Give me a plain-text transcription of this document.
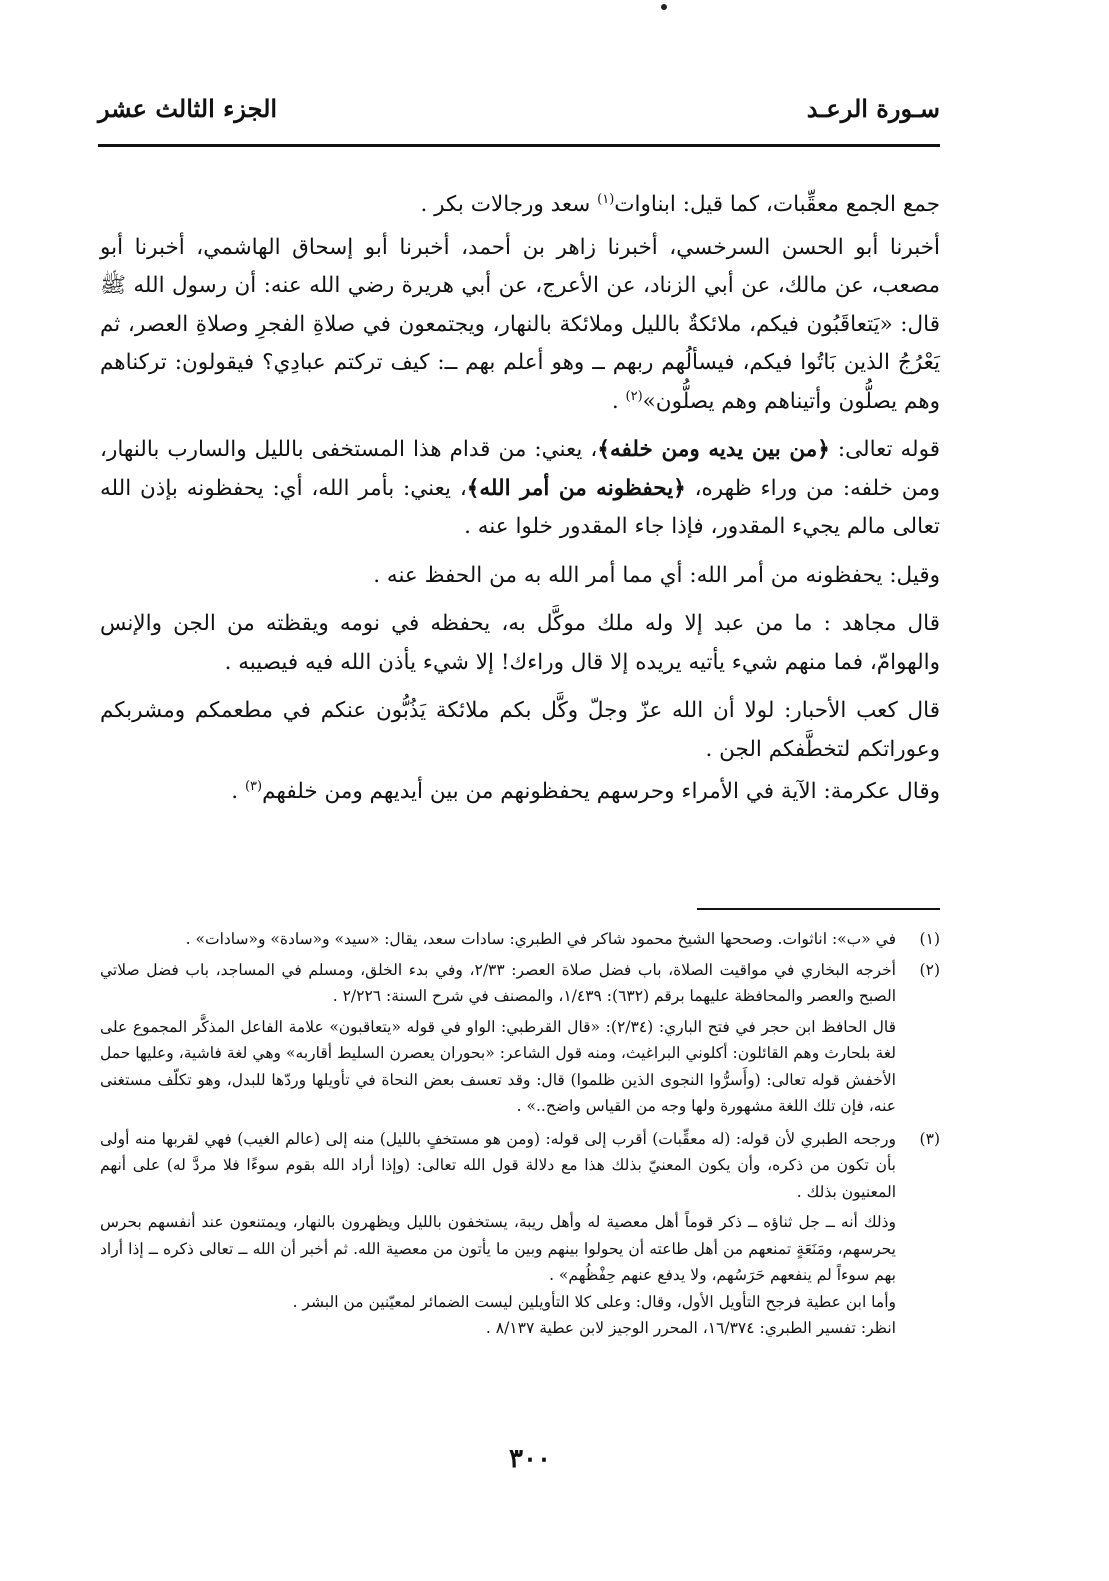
سـورة الرعـد
الجزء الثالث عشر

جمع الجمع معقِّبات، كما قيل: ابناوات$^{(١)}$ سعد ورجالات بكر .

أخبرنا أبو الحسن السرخسي، أخبرنا زاهر بن أحمد، أخبرنا أبو إسحاق الهاشمي، أخبرنا أبو مصعب، عن مالك، عن أبي الزناد، عن الأعرج، عن أبي هريرة رضي الله عنه: أن رسول الله ﷺ قال: «يَتعاقَبُون فيكم، ملائكةٌ بالليل وملائكة بالنهار، ويجتمعون في صلاةِ الفجرِ وصلاةِ العصر، ثم يَعْرُجُ الذين بَاتُوا فيكم، فيسألُهم ربهم ــ وهو أعلم بهم ــ: كيف تركتم عبادِي؟ فيقولون: تركناهم وهم يصلُّون وأتيناهم وهم يصلُّون»$^{(٢)}$ .

قوله تعالى: ﴿من بين يديه ومن خلفه﴾، يعني: من قدام هذا المستخفى بالليل والسارب بالنهار، ومن خلفه: من وراء ظهره، ﴿يحفظونه من أمر الله﴾، يعني: بأمر الله، أي: يحفظونه بإذن الله تعالى مالم يجيء المقدور، فإذا جاء المقدور خلوا عنه .

وقيل: يحفظونه من أمر الله: أي مما أمر الله به من الحفظ عنه .

قال مجاهد : ما من عبد إلا وله ملك موكَّل به، يحفظه في نومه ويقظته من الجن والإنس والهوامّ، فما منهم شيء يأتيه يريده إلا قال وراءك! إلا شيء يأذن الله فيه فيصيبه .

قال كعب الأحبار: لولا أن الله عزّ وجلّ وكَّل بكم ملائكة يَذُبُّون عنكم في مطعمكم ومشربكم وعوراتكم لتخطَّفكم الجن .

وقال عكرمة: الآية في الأمراء وحرسهم يحفظونهم من بين أيديهم ومن خلفهم$^{(٣)}$ .

(١)

في «ب»: اناثوات. وصححها الشيخ محمود شاكر في الطبري: سادات سعد، يقال: «سيد» و«سادة» و«سادات» .

(٢)

أخرجه البخاري في مواقيت الصلاة، باب فضل صلاة العصر: ٢/٣٣، وفي بدء الخلق، ومسلم في المساجد، باب فضل صلاتي الصبح والعصر والمحافظة عليهما برقم (٦٣٢): ١/٤٣٩، والمصنف في شرح السنة: ٢/٢٢٦ .

قال الحافظ ابن حجر في فتح الباري: (٢/٣٤): «قال القرطبي: الواو في قوله «يتعاقبون» علامة الفاعل المذكَّر المجموع على لغة بلحارث وهم القائلون: أكلوني البراغيث، ومنه قول الشاعر: «بحوران يعصرن السليط أقاربه» وهي لغة فاشية، وعليها حمل الأخفش قوله تعالى: (وأَسرُّوا النجوى الذين ظلموا) قال: وقد تعسف بعض النحاة في تأويلها وردّها للبدل، وهو تكلّف مستغنى عنه، فإن تلك اللغة مشهورة ولها وجه من القياس واضح..» .

(٣)

ورجحه الطبري لأن قوله: (له معقِّبات) أقرب إلى قوله: (ومن هو مستخفٍ بالليل) منه إلى (عالم الغيب) فهي لقربها منه أولى بأن تكون من ذكره، وأن يكون المعنيّ بذلك هذا مع دلالة قول الله تعالى: (وإذا أراد الله بقوم سوءًا فلا مردَّ له) على أنهم المعنيون بذلك .

وذلك أنه ــ جل ثناؤه ــ ذكر قوماً أهل معصية له وأهل ريبة، يستخفون بالليل ويظهرون بالنهار، ويمتنعون عند أنفسهم بحرس يحرسهم، ومَنَعَةٍ تمنعهم من أهل طاعته أن يحولوا بينهم وبين ما يأتون من معصية الله. ثم أخبر أن الله ــ تعالى ذكره ــ إذا أراد بهم سوءاً لم ينفعهم حَرَسُهم، ولا يدفع عنهم حِفْظُهم» .

وأما ابن عطية فرجح التأويل الأول، وقال: وعلى كلا التأويلين ليست الضمائر لمعيّنين من البشر .

انظر: تفسير الطبري: ١٦/٣٧٤، المحرر الوجيز لابن عطية ٨/١٣٧ .

٣٠٠
